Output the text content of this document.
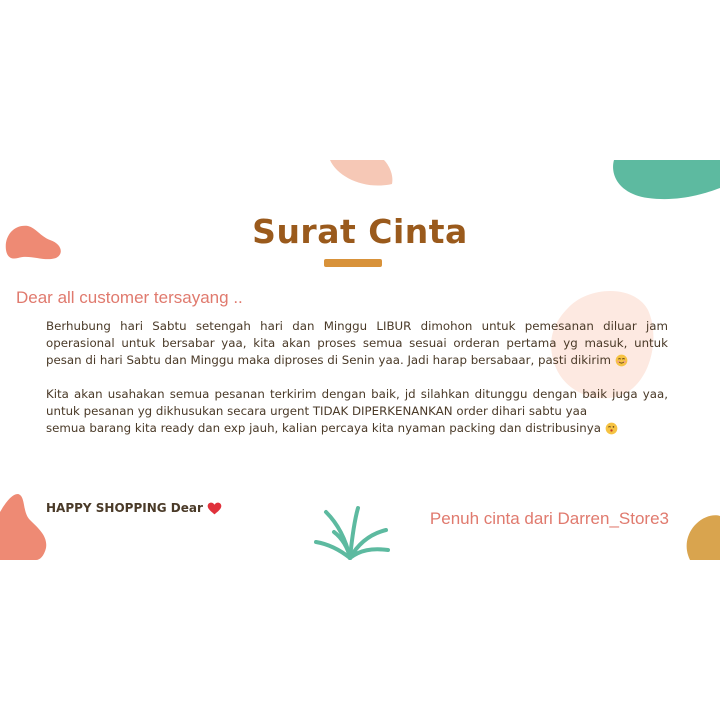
Surat Cinta
Dear all customer tersayang ..

Berhubung hari Sabtu setengah hari dan Minggu LIBUR dimohon untuk pemesanan diluar jam operasional untuk bersabar yaa, kita akan proses semua sesuai orderan pertama yg masuk, untuk pesan di hari Sabtu dan Minggu maka diproses di Senin yaa. Jadi harap bersabaar, pasti dikirim

Kita akan usahakan semua pesanan terkirim dengan baik, jd silahkan ditunggu dengan baik juga yaa, untuk pesanan yg dikhusukan secara urgent TIDAK DIPERKENANKAN order dihari sabtu yaa

semua barang kita ready dan exp jauh, kalian percaya kita nyaman packing dan distribusinya

HAPPY SHOPPING Dear
Penuh cinta dari Darren_Store3
